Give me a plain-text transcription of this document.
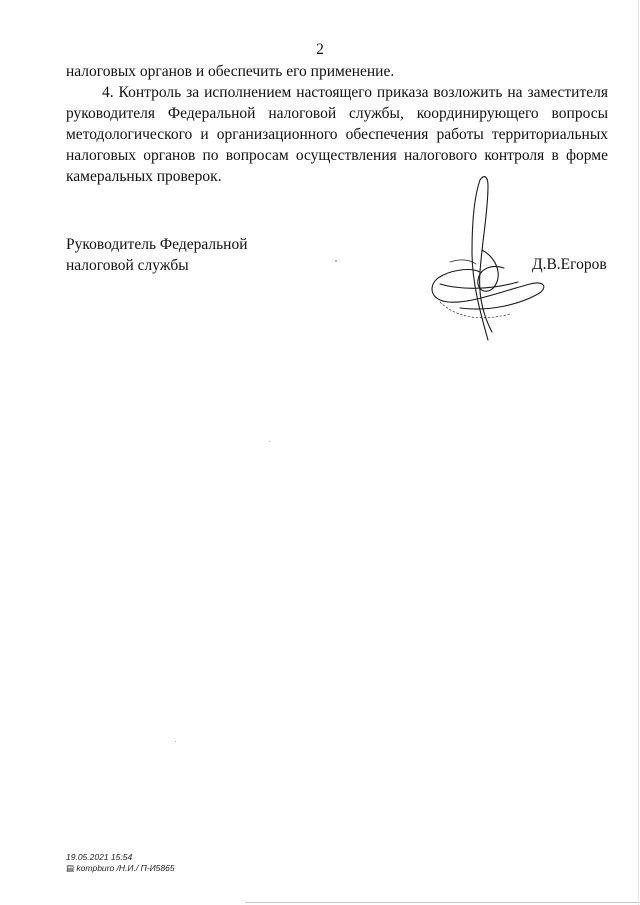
2

налоговых органов и обеспечить его применение.

4. Контроль за исполнением настоящего приказа возложить на заместителя руководителя Федеральной налоговой службы, координирующего вопросы методологического и организационного обеспечения работы территориальных налоговых органов по вопросам осуществления налогового контроля в форме камеральных проверок.

Руководитель Федеральной
налоговой службы	Д.В.Егоров
19.05.2021 15:54
▤ kompburo /Н.И./ П-И5865
